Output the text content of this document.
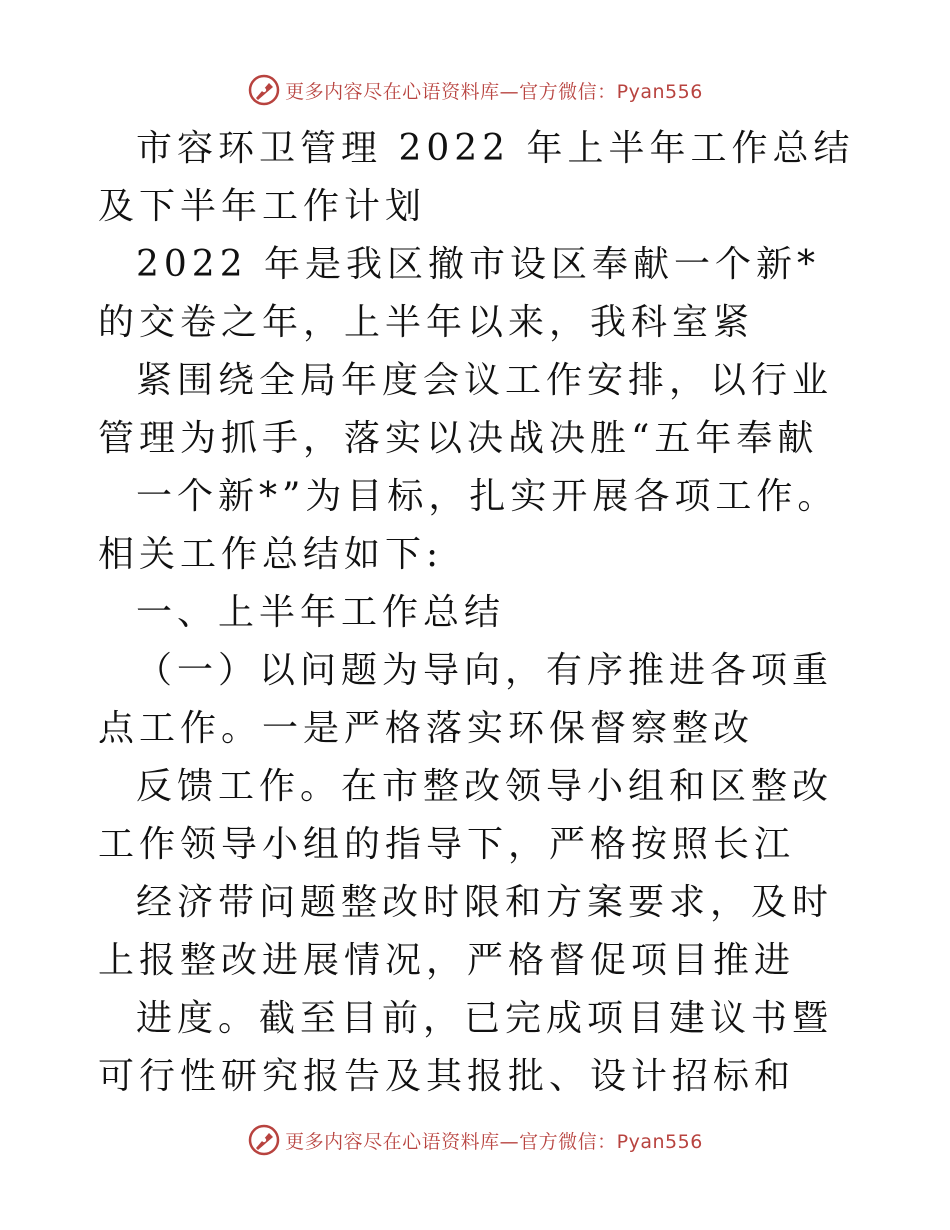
更多内容尽在心语资料库—官方微信：Pyan556

市容环卫管理 2022 年上半年工作总结及下半年工作计划

2022 年是我区撤市设区奉献一个新*的交卷之年，上半年以来，我科室紧

紧围绕全局年度会议工作安排，以行业管理为抓手，落实以决战决胜“五年奉献

一个新*”为目标，扎实开展各项工作。相关工作总结如下:

一、上半年工作总结

（一）以问题为导向，有序推进各项重点工作。一是严格落实环保督察整改

反馈工作。在市整改领导小组和区整改工作领导小组的指导下，严格按照长江

经济带问题整改时限和方案要求，及时上报整改进展情况，严格督促项目推进

进度。截至目前，已完成项目建议书暨可行性研究报告及其报批、设计招标和

更多内容尽在心语资料库—官方微信：Pyan556
